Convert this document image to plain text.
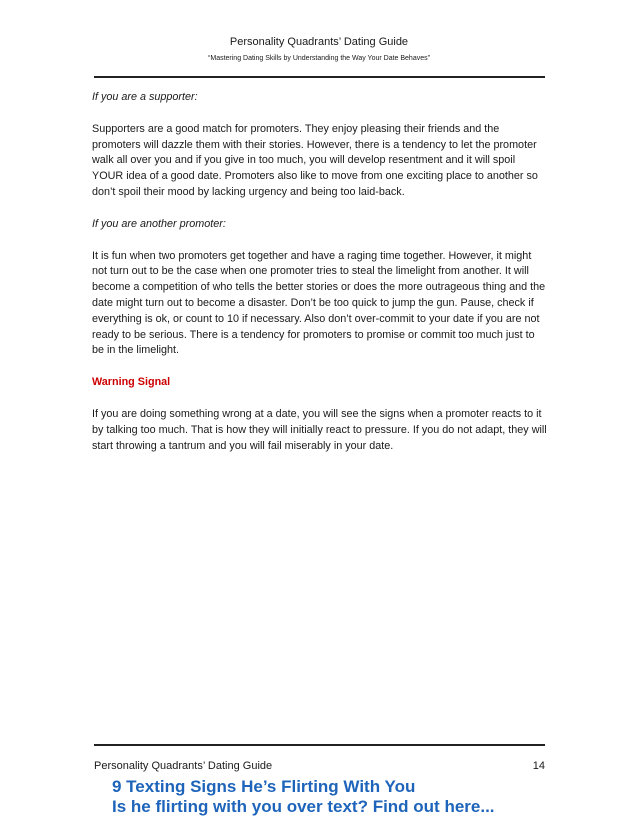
Personality Quadrants’ Dating Guide
“Mastering Dating Skills by Understanding the Way Your Date Behaves”

If you are a supporter:

Supporters are a good match for promoters. They enjoy pleasing their friends and the promoters will dazzle them with their stories. However, there is a tendency to let the promoter walk all over you and if you give in too much, you will develop resentment and it will spoil YOUR idea of a good date. Promoters also like to move from one exciting place to another so don’t spoil their mood by lacking urgency and being too laid-back.

If you are another promoter:

It is fun when two promoters get together and have a raging time together. However, it might not turn out to be the case when one promoter tries to steal the limelight from another. It will become a competition of who tells the better stories or does the more outrageous thing and the date might turn out to become a disaster. Don’t be too quick to jump the gun. Pause, check if everything is ok, or count to 10 if necessary. Also don’t over-commit to your date if you are not ready to be serious. There is a tendency for promoters to promise or commit too much just to be in the limelight.

Warning Signal

If you are doing something wrong at a date, you will see the signs when a promoter reacts to it by talking too much. That is how they will initially react to pressure. If you do not adapt, they will start throwing a tantrum and you will fail miserably in your date.

Personality Quadrants’ Dating Guide	14
9 Texting Signs He’s Flirting With You
Is he flirting with you over text? Find out here...
